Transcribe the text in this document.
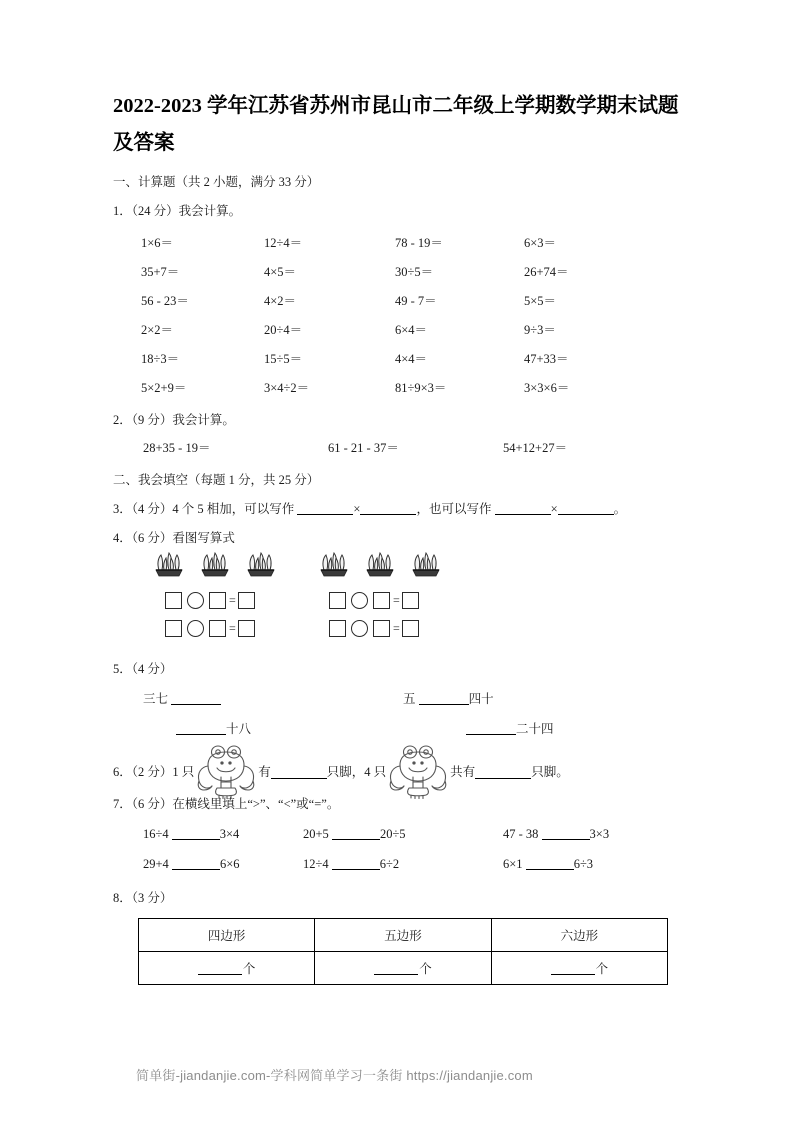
2022-2023 学年江苏省苏州市昆山市二年级上学期数学期末试题及答案
一、计算题（共 2 小题，满分 33 分）
1．（24 分）我会计算。
1×6＝	12÷4＝	78 - 19＝	6×3＝
35+7＝	4×5＝	30÷5＝	26+74＝
56 - 23＝	4×2＝	49 - 7＝	5×5＝
2×2＝	20÷4＝	6×4＝	9÷3＝
18÷3＝	15÷5＝	4×4＝	47+33＝
5×2+9＝	3×4÷2＝	81÷9×3＝	3×3×6＝
2．（9 分）我会计算。
28+35 - 19＝	61 - 21 - 37＝	54+12+27＝
二、我会填空（每题 1 分，共 25 分）
3．（4 分）4 个 5 相加，可以写作	×	，也可以写作	×	。
4．（6 分）看图写算式
=
=
=
=
5．（4 分）
三七	五	四十
十八	二十四
6．（2 分）1 只	有	只脚，4 只	共有	只脚。
7．（6 分）在横线里填上“>”、“<”或“=”。
16÷4	3×4	20+5	20÷5	47 - 38	3×3
29+4	6×6	12÷4	6÷2	6×1	6÷3
8．（3 分）
四边形	五边形	六边形
个	个	个
简单街-jiandanjie.com-学科网简单学习一条街 https://jiandanjie.com
